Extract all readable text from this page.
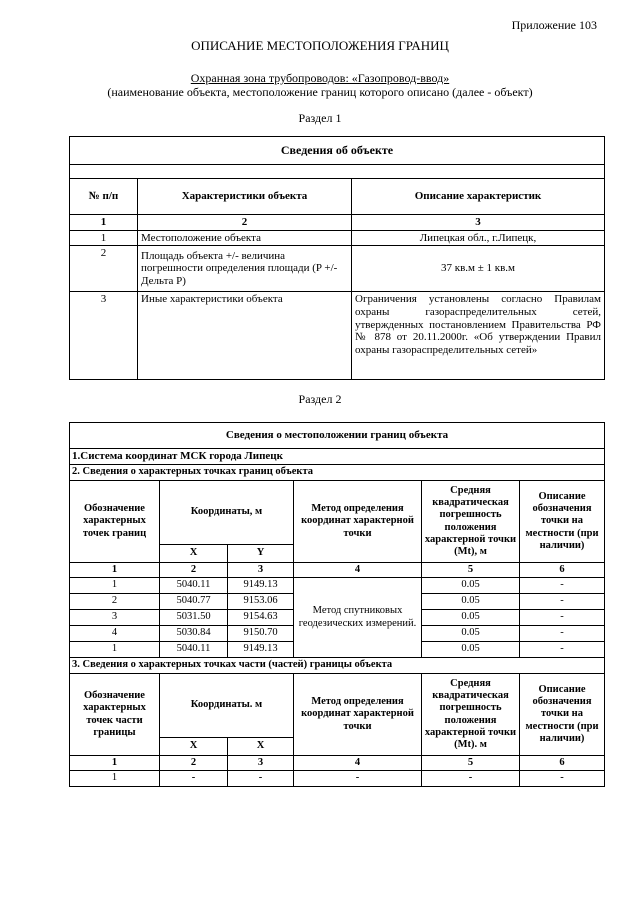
Приложение 103
ОПИСАНИЕ МЕСТОПОЛОЖЕНИЯ ГРАНИЦ
Охранная зона трубопроводов: «Газопровод-ввод»
(наименование объекта, местоположение границ которого описано (далее - объект)
Раздел 1
Сведения об объекте		

№ п/п	Характеристики объекта	Описание характеристик
1	2	3
1	Местоположение объекта	Липецкая обл., г.Липецк,
2	Площадь объекта +/- величина погрешности определения площади (P +/- Дельта P)	37 кв.м ± 1 кв.м
3	Иные характеристики объекта	Ограничения установлены согласно Правилам охраны газораспределительных сетей, утвержденных постановлением Правительства РФ № 878 от 20.11.2000г. «Об утверждении Правил охраны газораспределительных сетей»
Раздел 2
Сведения о местоположении границ объекта					
1.Система координат МСК города Липецк					
2. Сведения о характерных точках границ объекта					
Обозначение характерных точек границ	Координаты, м		Метод определения координат характерной точки	Средняя квадратическая погрешность положения характерной точки (Mt), м	Описание обозначения точки на местности (при наличии)
	X	Y			
1	2	3	4	5	6
1	5040.11	9149.13	Метод спутниковых геодезических измерений.	0.05	-
2	5040.77	9153.06		0.05	-
3	5031.50	9154.63		0.05	-
4	5030.84	9150.70		0.05	-
1	5040.11	9149.13		0.05	-
3. Сведения о характерных точках части (частей) границы объекта					
Обозначение характерных точек части границы	Координаты. м		Метод определения координат характерной точки	Средняя квадратическая погрешность положения характерной точки (Mt). м	Описание обозначения точки на местности (при наличии)
	X	X			
1	2	3	4	5	6
1	-	-	-	-	-
